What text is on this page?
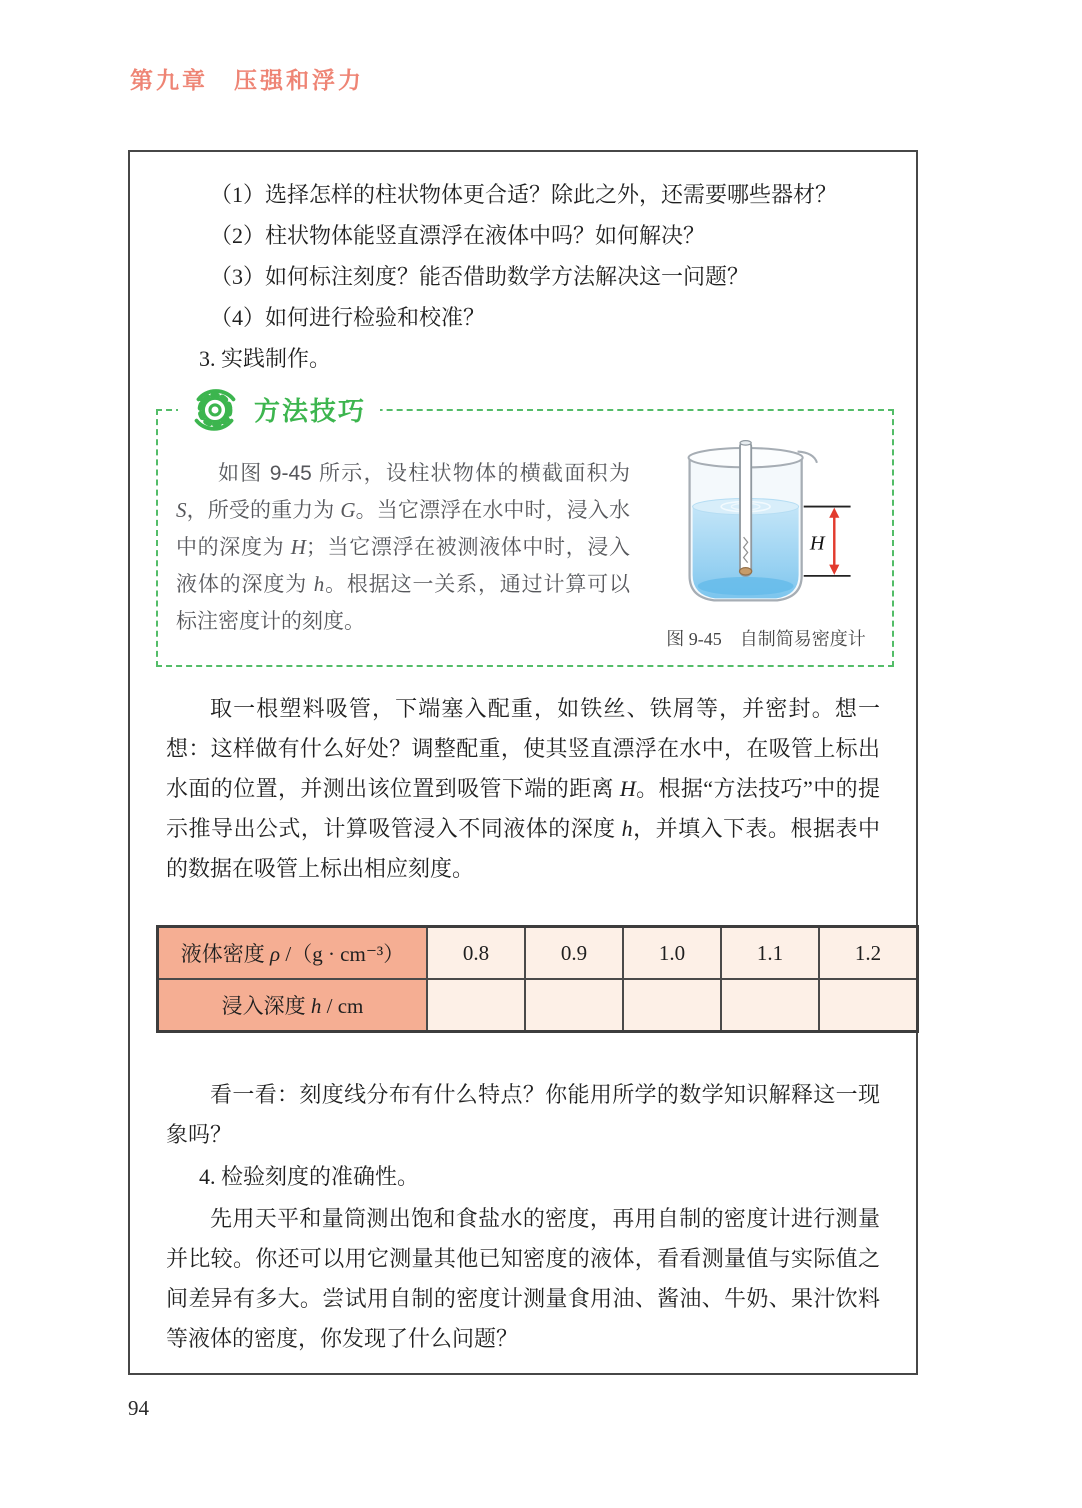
第九章　压强和浮力
（1）选择怎样的柱状物体更合适？除此之外，还需要哪些器材？
（2）柱状物体能竖直漂浮在液体中吗？如何解决？
（3）如何标注刻度？能否借助数学方法解决这一问题？
（4）如何进行检验和校准？
3. 实践制作。
方法技巧
如图 9-45 所示，设柱状物体的横截面积为 S，所受的重力为 G。当它漂浮在水中时，浸入水中的深度为 H；当它漂浮在被测液体中时，浸入液体的深度为 h。根据这一关系，通过计算可以标注密度计的刻度。
H
图 9-45　自制简易密度计
取一根塑料吸管，下端塞入配重，如铁丝、铁屑等，并密封。想一想：这样做有什么好处？调整配重，使其竖直漂浮在水中，在吸管上标出水面的位置，并测出该位置到吸管下端的距离 H。根据“方法技巧”中的提示推导出公式，计算吸管浸入不同液体的深度 h，并填入下表。根据表中的数据在吸管上标出相应刻度。
液体密度 ρ /（g · cm⁻³）	0.8	0.9	1.0	1.1	1.2
浸入深度 h / cm					
看一看：刻度线分布有什么特点？你能用所学的数学知识解释这一现象吗？
4. 检验刻度的准确性。
先用天平和量筒测出饱和食盐水的密度，再用自制的密度计进行测量并比较。你还可以用它测量其他已知密度的液体，看看测量值与实际值之间差异有多大。尝试用自制的密度计测量食用油、酱油、牛奶、果汁饮料等液体的密度，你发现了什么问题？
94
